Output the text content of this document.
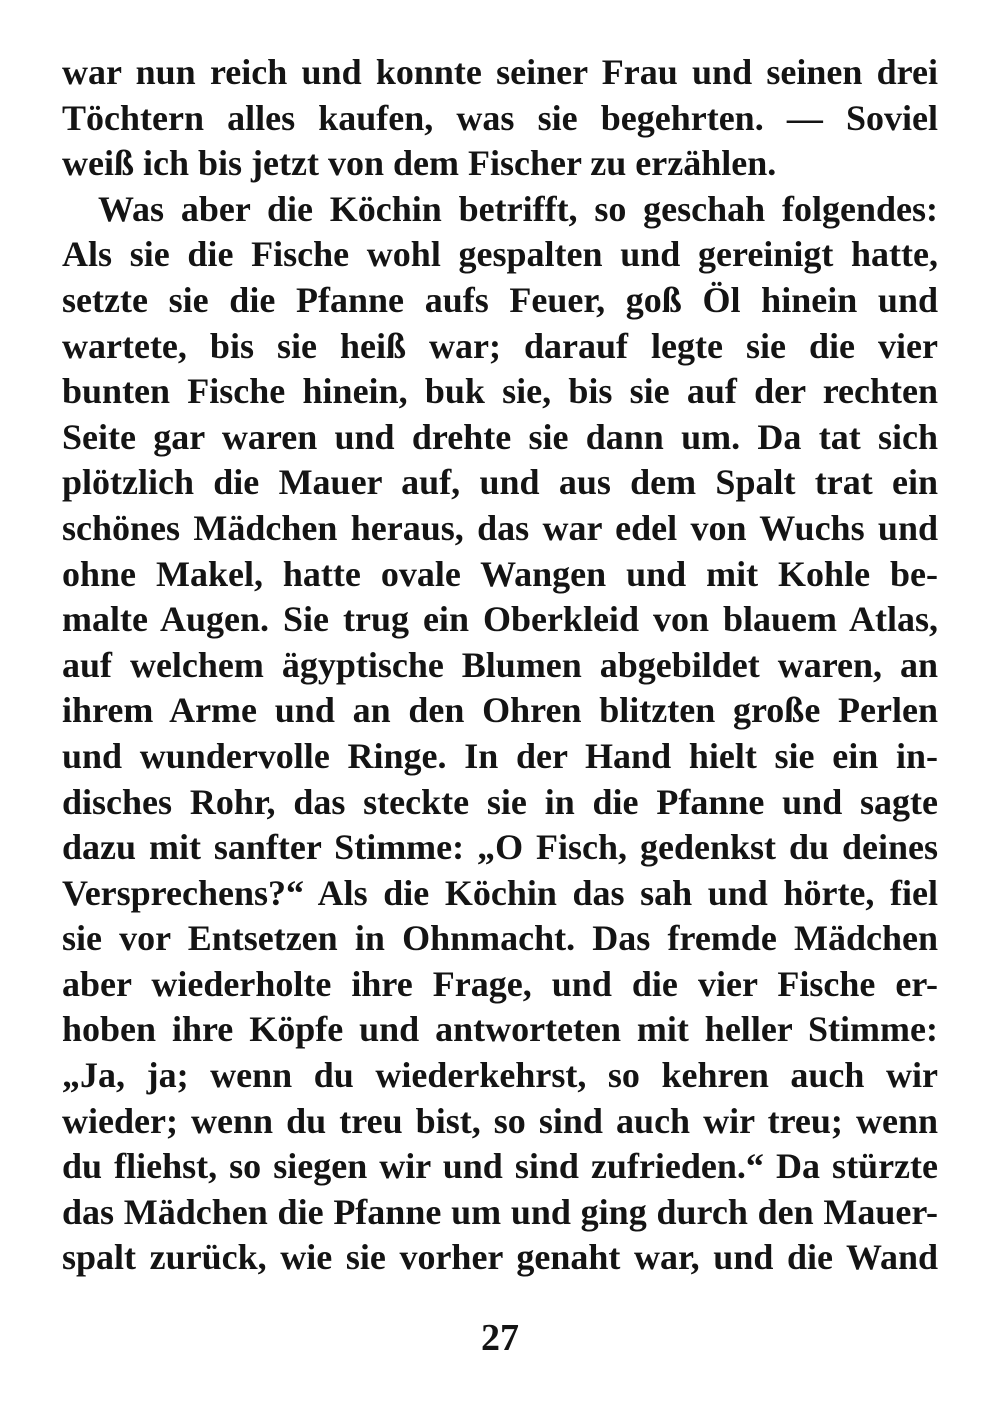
war nun reich und konnte seiner Frau und seinen drei
Töchtern alles kaufen, was sie begehrten. — Soviel
weiß ich bis jetzt von dem Fischer zu erzählen.
Was aber die Köchin betrifft, so geschah folgendes:
Als sie die Fische wohl gespalten und gereinigt hatte,
setzte sie die Pfanne aufs Feuer, goß Öl hinein und
wartete, bis sie heiß war; darauf legte sie die vier
bunten Fische hinein, buk sie, bis sie auf der rechten
Seite gar waren und drehte sie dann um. Da tat sich
plötzlich die Mauer auf, und aus dem Spalt trat ein
schönes Mädchen heraus, das war edel von Wuchs und
ohne Makel, hatte ovale Wangen und mit Kohle be-
malte Augen. Sie trug ein Oberkleid von blauem Atlas,
auf welchem ägyptische Blumen abgebildet waren, an
ihrem Arme und an den Ohren blitzten große Perlen
und wundervolle Ringe. In der Hand hielt sie ein in-
disches Rohr, das steckte sie in die Pfanne und sagte
dazu mit sanfter Stimme: „O Fisch, gedenkst du deines
Versprechens?“ Als die Köchin das sah und hörte, fiel
sie vor Entsetzen in Ohnmacht. Das fremde Mädchen
aber wiederholte ihre Frage, und die vier Fische er-
hoben ihre Köpfe und antworteten mit heller Stimme:
„Ja, ja; wenn du wiederkehrst, so kehren auch wir
wieder; wenn du treu bist, so sind auch wir treu; wenn
du fliehst, so siegen wir und sind zufrieden.“ Da stürzte
das Mädchen die Pfanne um und ging durch den Mauer-
spalt zurück, wie sie vorher genaht war, und die Wand
27
